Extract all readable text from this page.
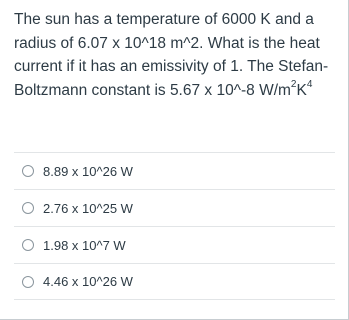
The sun has a temperature of 6000 K and a radius of 6.07 x 10^18 m^2. What is the heat current if it has an emissivity of 1. The Stefan-Boltzmann constant is 5.67 x 10^-8 $W/m^2K^4$
8.89 x 10^26 W
2.76 x 10^25 W
1.98 x 10^7 W
4.46 x 10^26 W
